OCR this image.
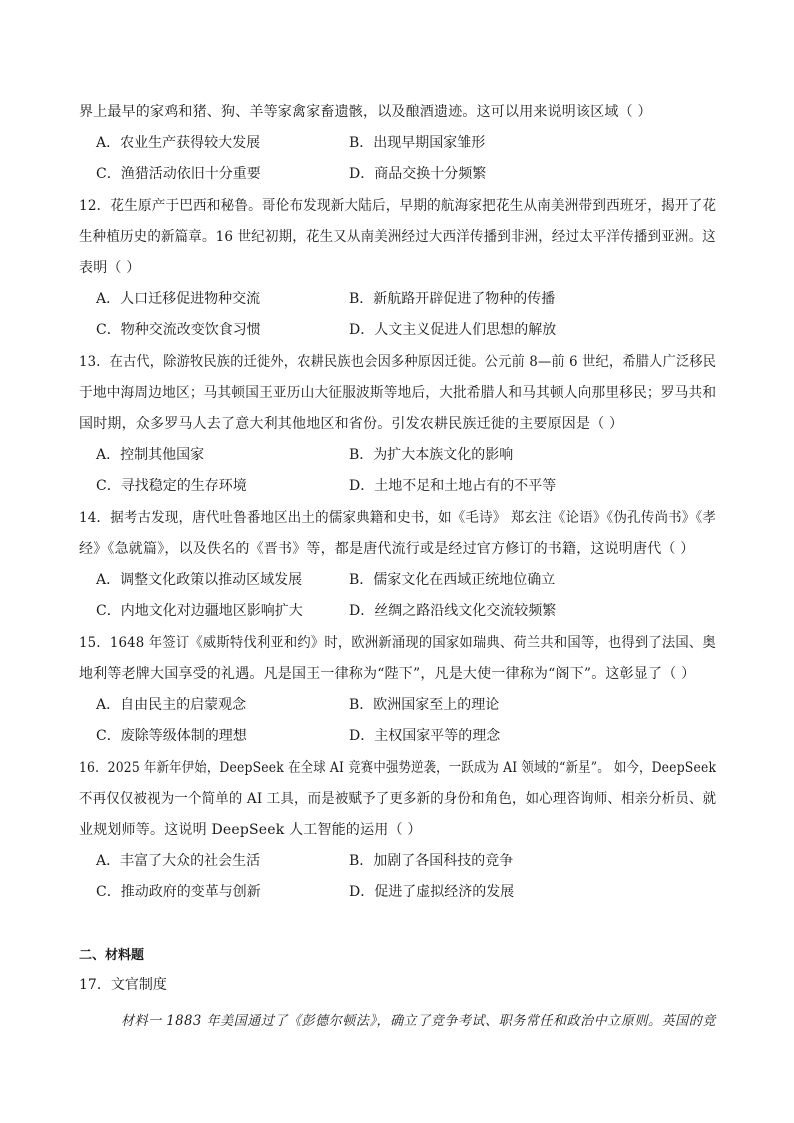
界上最早的家鸡和猪、狗、羊等家禽家畜遗骸，以及酿酒遗迹。这可以用来说明该区域（ ）
A．农业生产获得较大发展	B．出现早期国家雏形
C．渔猎活动依旧十分重要	D．商品交换十分频繁
12．花生原产于巴西和秘鲁。哥伦布发现新大陆后，早期的航海家把花生从南美洲带到西班牙，揭开了花
生种植历史的新篇章。16 世纪初期，花生又从南美洲经过大西洋传播到非洲，经过太平洋传播到亚洲。这
表明（ ）
A．人口迁移促进物种交流	B．新航路开辟促进了物种的传播
C．物种交流改变饮食习惯	D．人文主义促进人们思想的解放
13．在古代，除游牧民族的迁徙外，农耕民族也会因多种原因迁徙。公元前 8—前 6 世纪，希腊人广泛移民
于地中海周边地区；马其顿国王亚历山大征服波斯等地后，大批希腊人和马其顿人向那里移民；罗马共和
国时期，众多罗马人去了意大利其他地区和省份。引发农耕民族迁徙的主要原因是（ ）
A．控制其他国家	B．为扩大本族文化的影响
C．寻找稳定的生存环境	D．土地不足和土地占有的不平等
14．据考古发现，唐代吐鲁番地区出土的儒家典籍和史书，如《毛诗》 郑玄注《论语》《伪孔传尚书》《孝
经》《急就篇》，以及佚名的《晋书》等，都是唐代流行或是经过官方修订的书籍，这说明唐代（ ）
A．调整文化政策以推动区域发展	B．儒家文化在西域正统地位确立
C．内地文化对边疆地区影响扩大	D．丝绸之路沿线文化交流较频繁
15．1648 年签订《威斯特伐利亚和约》时，欧洲新涌现的国家如瑞典、荷兰共和国等，也得到了法国、奥
地利等老牌大国享受的礼遇。凡是国王一律称为“陛下”，凡是大使一律称为“阁下”。这彰显了（ ）
A．自由民主的启蒙观念	B．欧洲国家至上的理论
C．废除等级体制的理想	D．主权国家平等的理念
16．2025 年新年伊始，DeepSeek 在全球 AI 竞赛中强势逆袭，一跃成为 AI 领域的“新星”。 如今，DeepSeek
不再仅仅被视为一个简单的 AI 工具，而是被赋予了更多新的身份和角色，如心理咨询师、相亲分析员、就
业规划师等。这说明 DeepSeek 人工智能的运用（ ）
A．丰富了大众的社会生活	B．加剧了各国科技的竞争
C．推动政府的变革与创新	D．促进了虚拟经济的发展
二、材料题
17．文官制度
材料一 1883 年美国通过了《彭德尔顿法》，确立了竞争考试、职务常任和政治中立原则。英国的竞
